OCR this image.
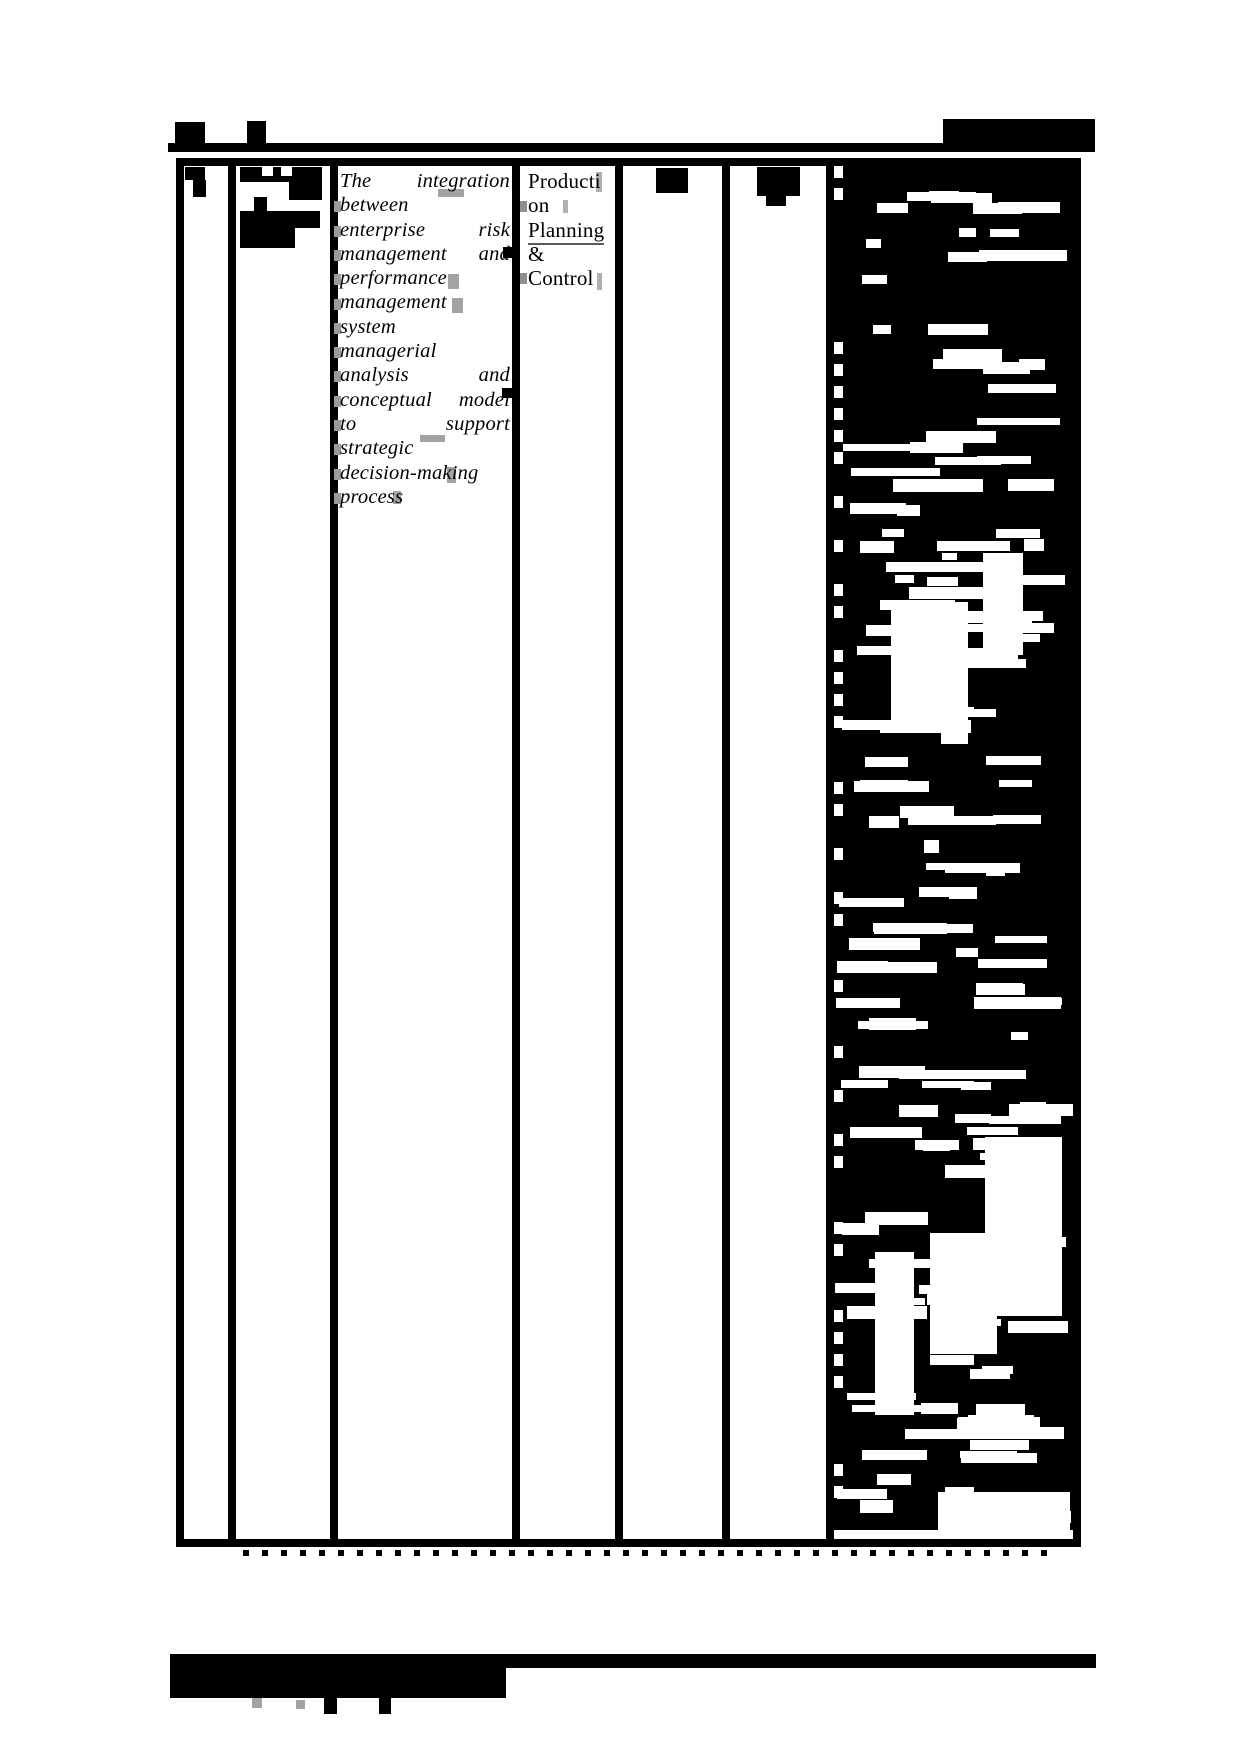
The integration
between
enterprise risk
management and
performance
management
system
managerial
analysis and
conceptual model
to support
strategic
decision-making
process
Producti
on
Planning
&
Control
